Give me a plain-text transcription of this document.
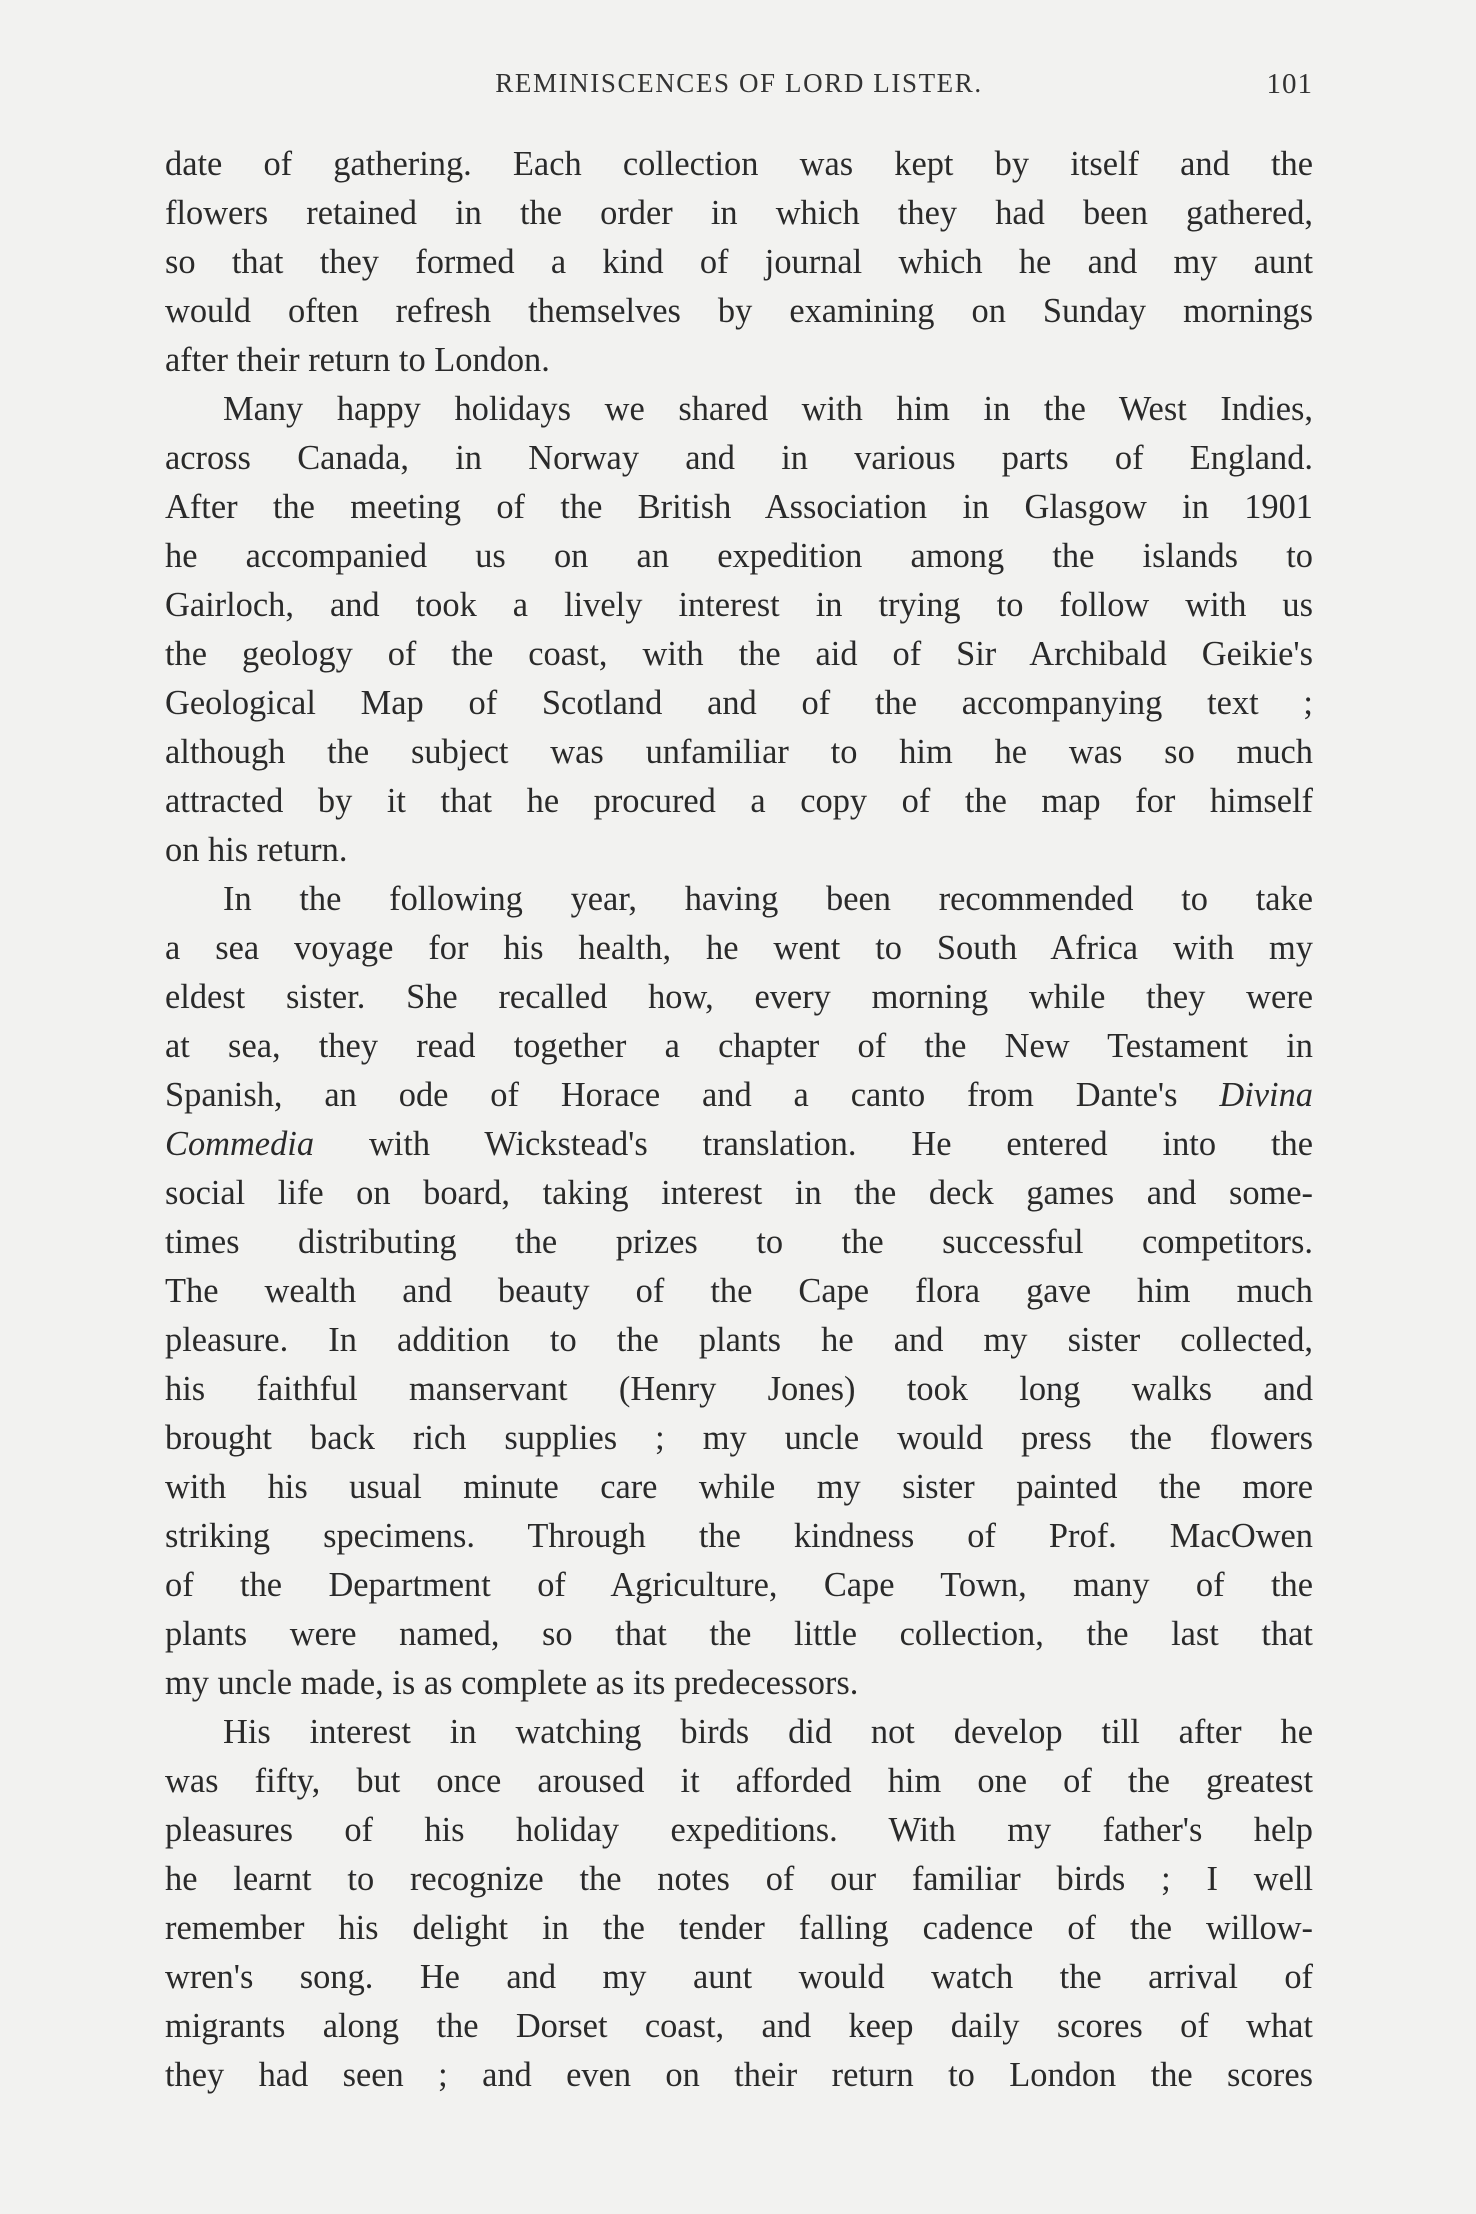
REMINISCENCES OF LORD LISTER.	101
date of gathering. Each collection was kept by itself and the
flowers retained in the order in which they had been gathered,
so that they formed a kind of journal which he and my aunt
would often refresh themselves by examining on Sunday mornings
after their return to London.
Many happy holidays we shared with him in the West Indies,
across Canada, in Norway and in various parts of England.
After the meeting of the British Association in Glasgow in 1901
he accompanied us on an expedition among the islands to
Gairloch, and took a lively interest in trying to follow with us
the geology of the coast, with the aid of Sir Archibald Geikie's
Geological Map of Scotland and of the accompanying text ;
although the subject was unfamiliar to him he was so much
attracted by it that he procured a copy of the map for himself
on his return.
In the following year, having been recommended to take
a sea voyage for his health, he went to South Africa with my
eldest sister. She recalled how, every morning while they were
at sea, they read together a chapter of the New Testament in
Spanish, an ode of Horace and a canto from Dante's Divina
Commedia with Wickstead's translation. He entered into the
social life on board, taking interest in the deck games and some-
times distributing the prizes to the successful competitors.
The wealth and beauty of the Cape flora gave him much
pleasure. In addition to the plants he and my sister collected,
his faithful manservant (Henry Jones) took long walks and
brought back rich supplies ; my uncle would press the flowers
with his usual minute care while my sister painted the more
striking specimens. Through the kindness of Prof. MacOwen
of the Department of Agriculture, Cape Town, many of the
plants were named, so that the little collection, the last that
my uncle made, is as complete as its predecessors.
His interest in watching birds did not develop till after he
was fifty, but once aroused it afforded him one of the greatest
pleasures of his holiday expeditions. With my father's help
he learnt to recognize the notes of our familiar birds ; I well
remember his delight in the tender falling cadence of the willow-
wren's song. He and my aunt would watch the arrival of
migrants along the Dorset coast, and keep daily scores of what
they had seen ; and even on their return to London the scores
